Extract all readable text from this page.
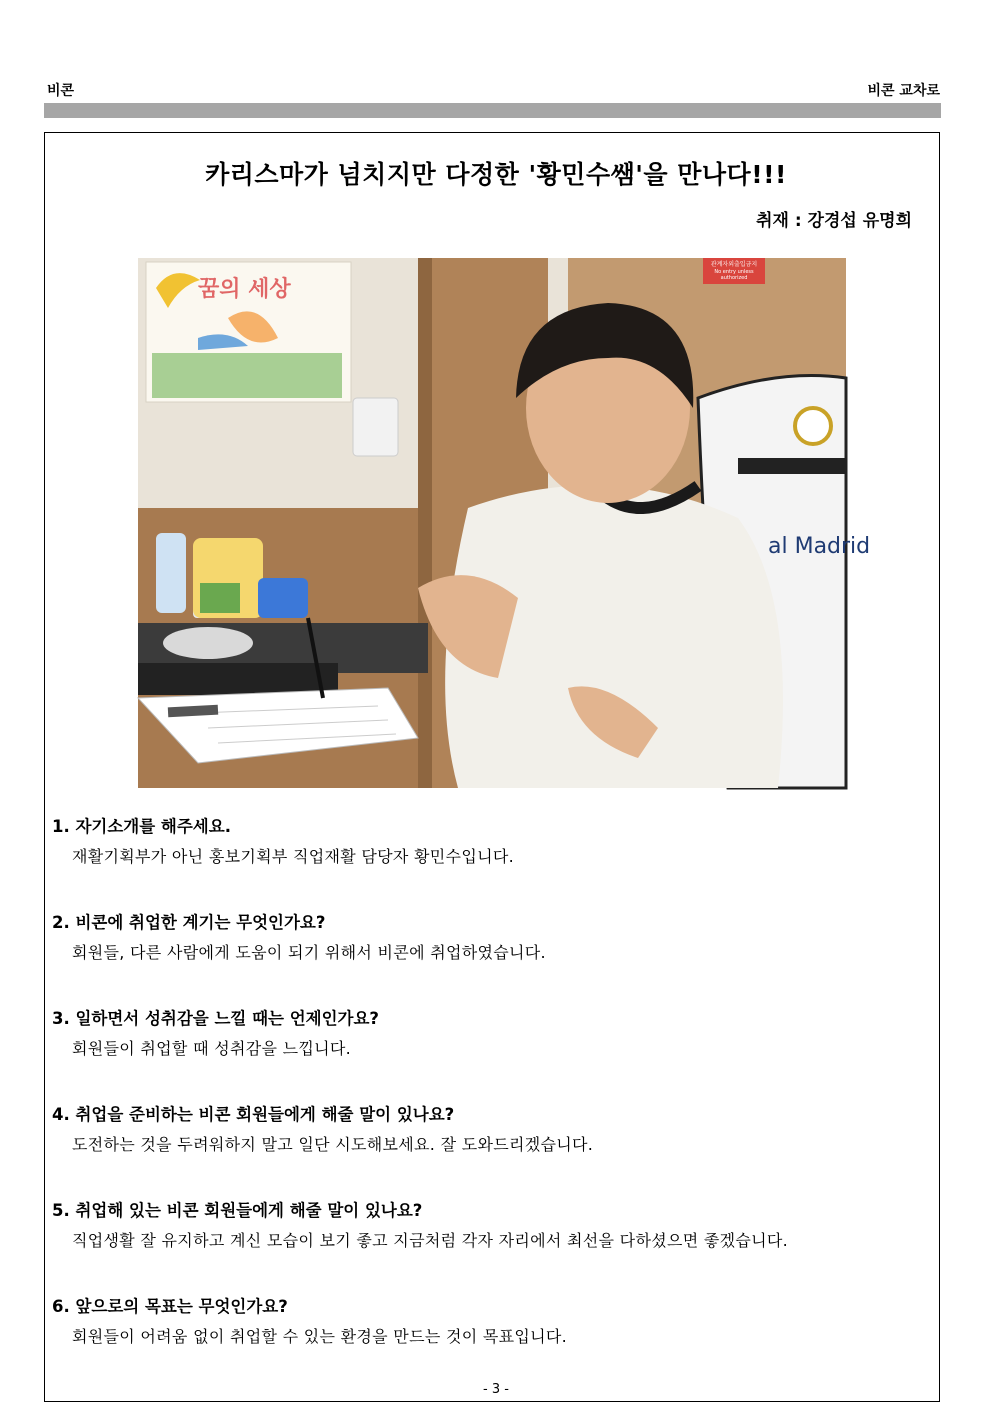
비콘	비콘 교차로
카리스마가 넘치지만 다정한 '황민수쌤'을 만나다!!!
취재 : 강경섭 유명희
꿈의 세상
관계자외출입금지
No entry unless
authorized
al Madrid
1. 자기소개를 해주세요.
재활기획부가 아닌 홍보기획부 직업재활 담당자 황민수입니다.
2. 비콘에 취업한 계기는 무엇인가요?
회원들, 다른 사람에게 도움이 되기 위해서 비콘에 취업하였습니다.
3. 일하면서 성취감을 느낄 때는 언제인가요?
회원들이 취업할 때 성취감을 느낍니다.
4. 취업을 준비하는 비콘 회원들에게 해줄 말이 있나요?
도전하는 것을 두려워하지 말고 일단 시도해보세요. 잘 도와드리겠습니다.
5. 취업해 있는 비콘 회원들에게 해줄 말이 있나요?
직업생활 잘 유지하고 계신 모습이 보기 좋고 지금처럼 각자 자리에서 최선을 다하셨으면 좋겠습니다.
6. 앞으로의 목표는 무엇인가요?
회원들이 어려움 없이 취업할 수 있는 환경을 만드는 것이 목표입니다.
- 3 -
